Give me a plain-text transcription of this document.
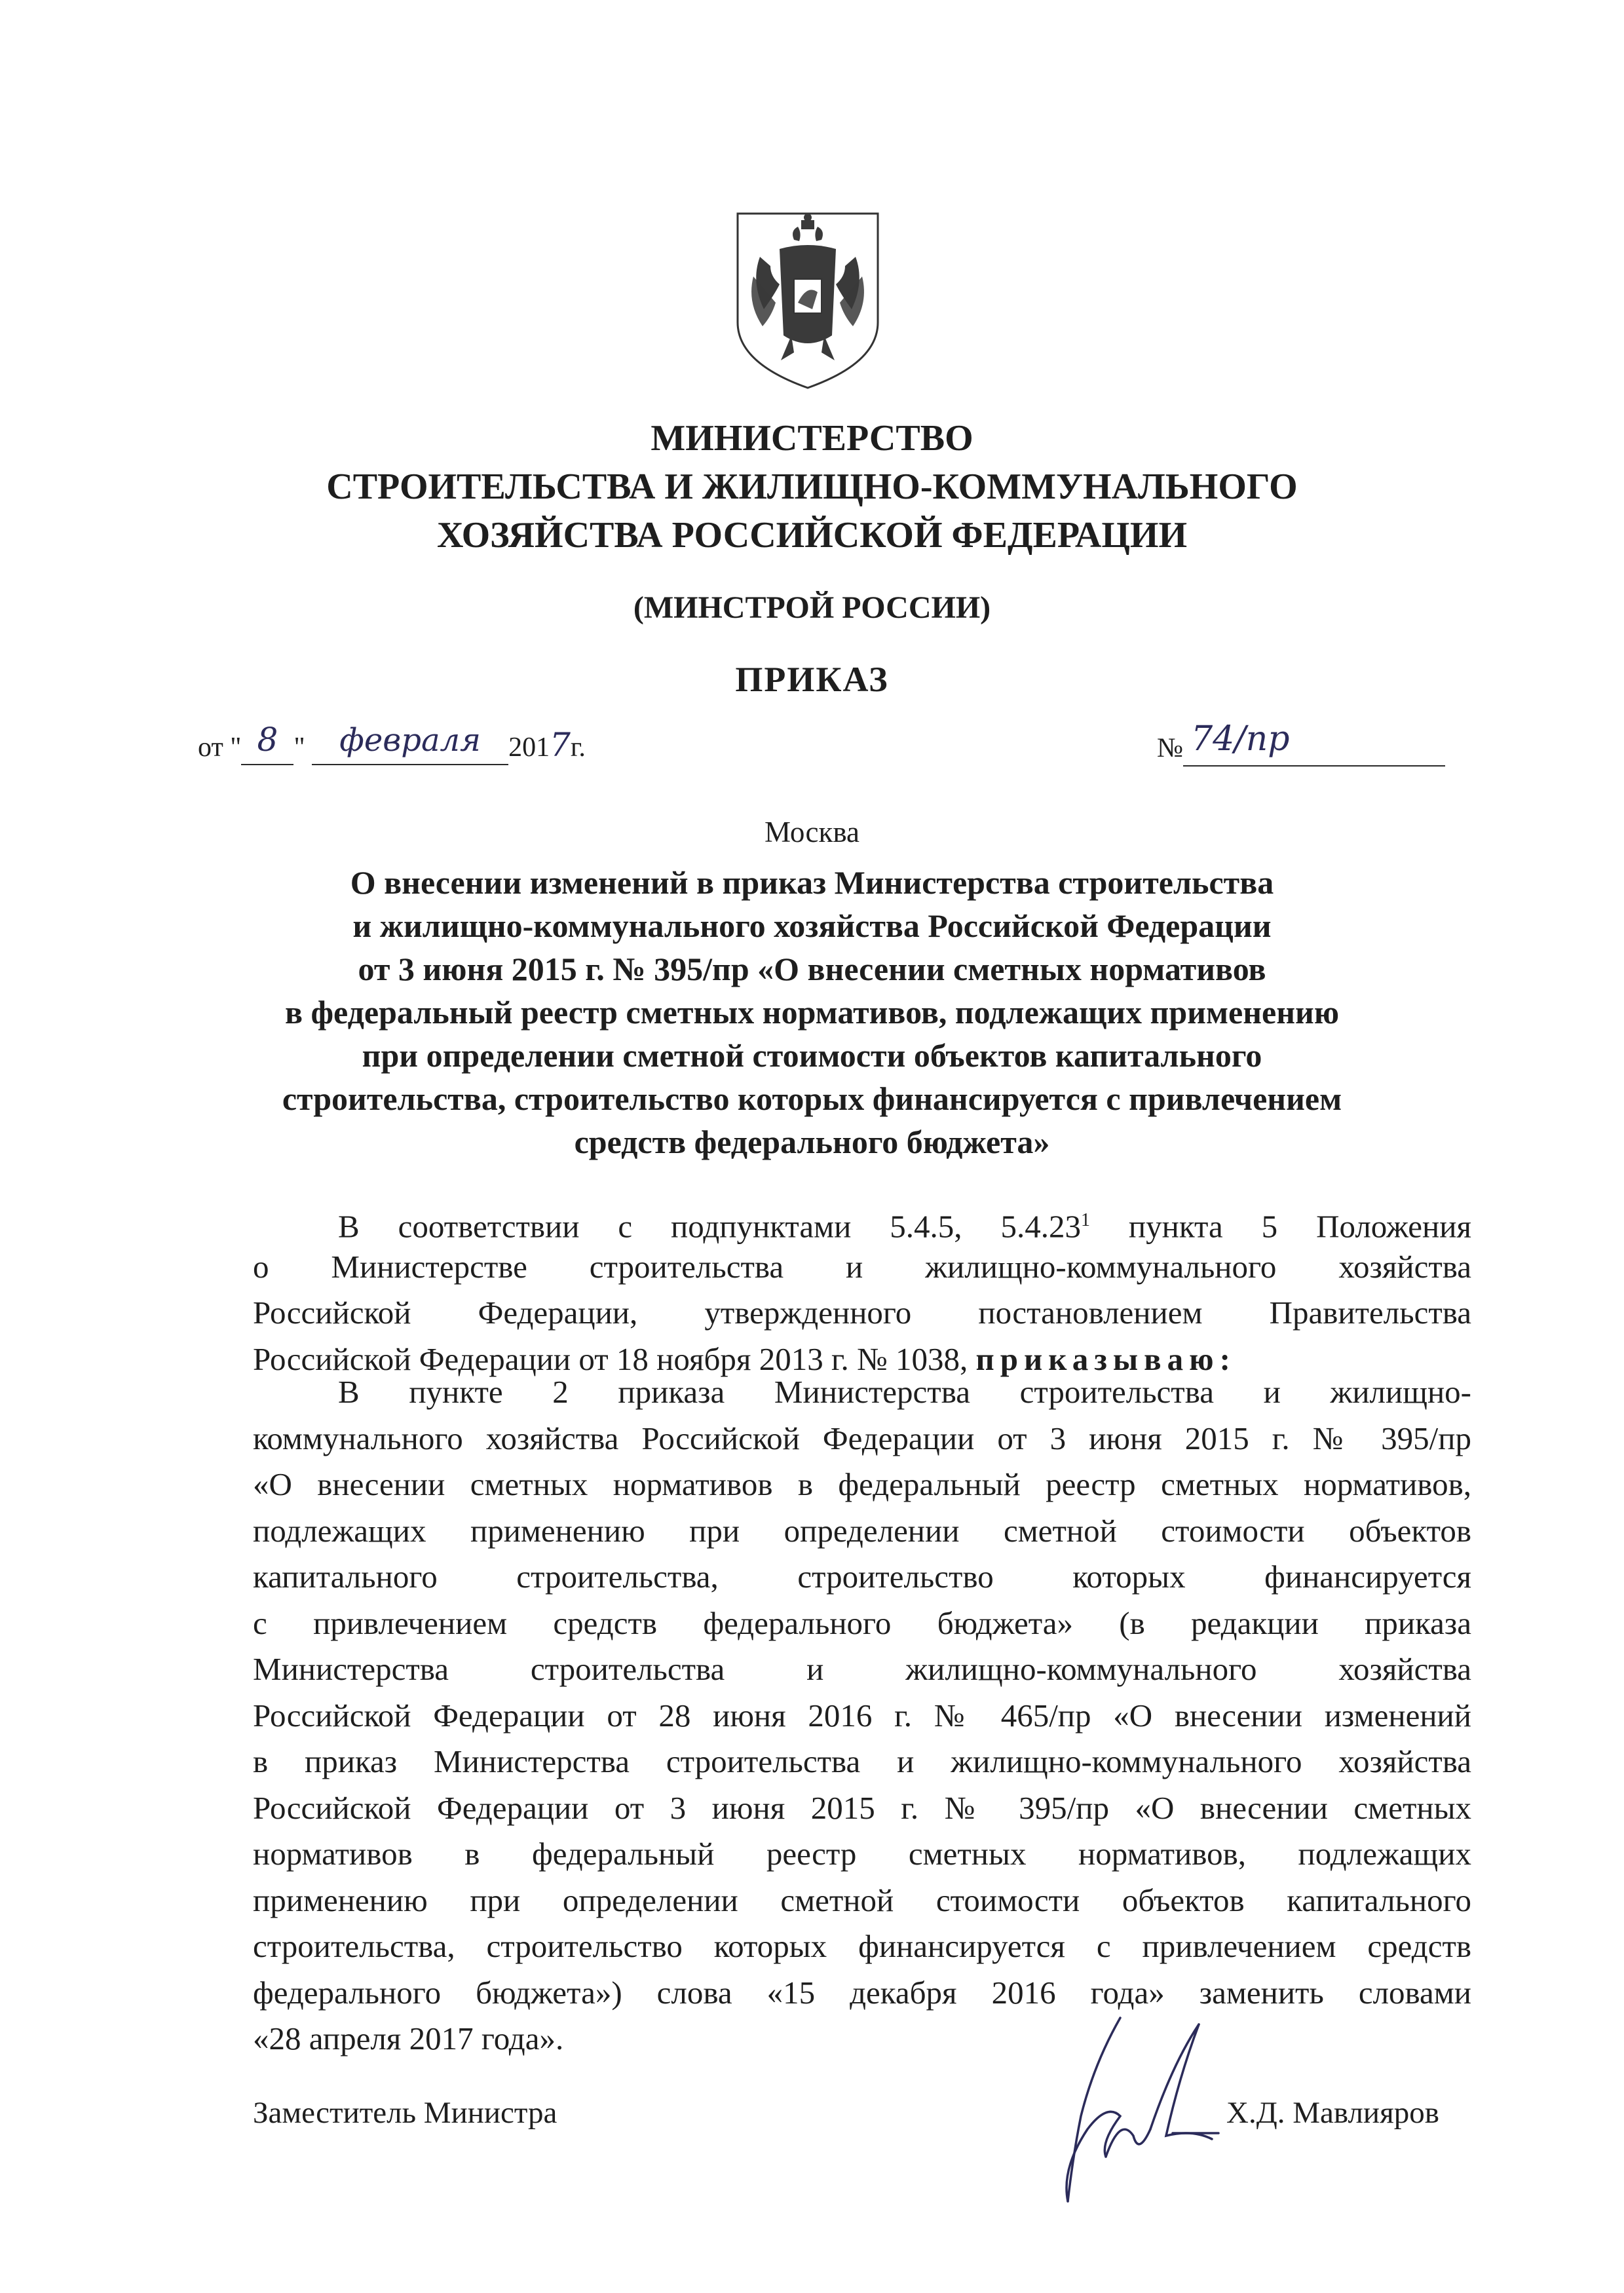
МИНИСТЕРСТВО
СТРОИТЕЛЬСТВА И ЖИЛИЩНО-КОММУНАЛЬНОГО
ХОЗЯЙСТВА РОССИЙСКОЙ ФЕДЕРАЦИИ
(МИНСТРОЙ РОССИИ)
ПРИКАЗ
от " 8 " февраля 2017г.	№ 74/пр
Москва
О внесении изменений в приказ Министерства строительства
и жилищно-коммунального хозяйства Российской Федерации
от 3 июня 2015 г. № 395/пр «О внесении сметных нормативов
в федеральный реестр сметных нормативов, подлежащих применению
при определении сметной стоимости объектов капитального
строительства, строительство которых финансируется с привлечением
средств федерального бюджета»
В соответствии с подпунктами 5.4.5, 5.4.23$^1$ пункта 5 Положения
о Министерстве строительства и жилищно-коммунального хозяйства
Российской Федерации, утвержденного постановлением Правительства
Российской Федерации от 18 ноября 2013 г. № 1038, приказываю:
В пункте 2 приказа Министерства строительства и жилищно-
коммунального хозяйства Российской Федерации от 3 июня 2015 г. № 395/пр
«О внесении сметных нормативов в федеральный реестр сметных нормативов,
подлежащих применению при определении сметной стоимости объектов
капитального строительства, строительство которых финансируется
с привлечением средств федерального бюджета» (в редакции приказа
Министерства строительства и жилищно-коммунального хозяйства
Российской Федерации от 28 июня 2016 г. № 465/пр «О внесении изменений
в приказ Министерства строительства и жилищно-коммунального хозяйства
Российской Федерации от 3 июня 2015 г. № 395/пр «О внесении сметных
нормативов в федеральный реестр сметных нормативов, подлежащих
применению при определении сметной стоимости объектов капитального
строительства, строительство которых финансируется с привлечением средств
федерального бюджета») слова «15 декабря 2016 года» заменить словами
«28 апреля 2017 года».
Заместитель Министра	Х.Д. Мавлияров
